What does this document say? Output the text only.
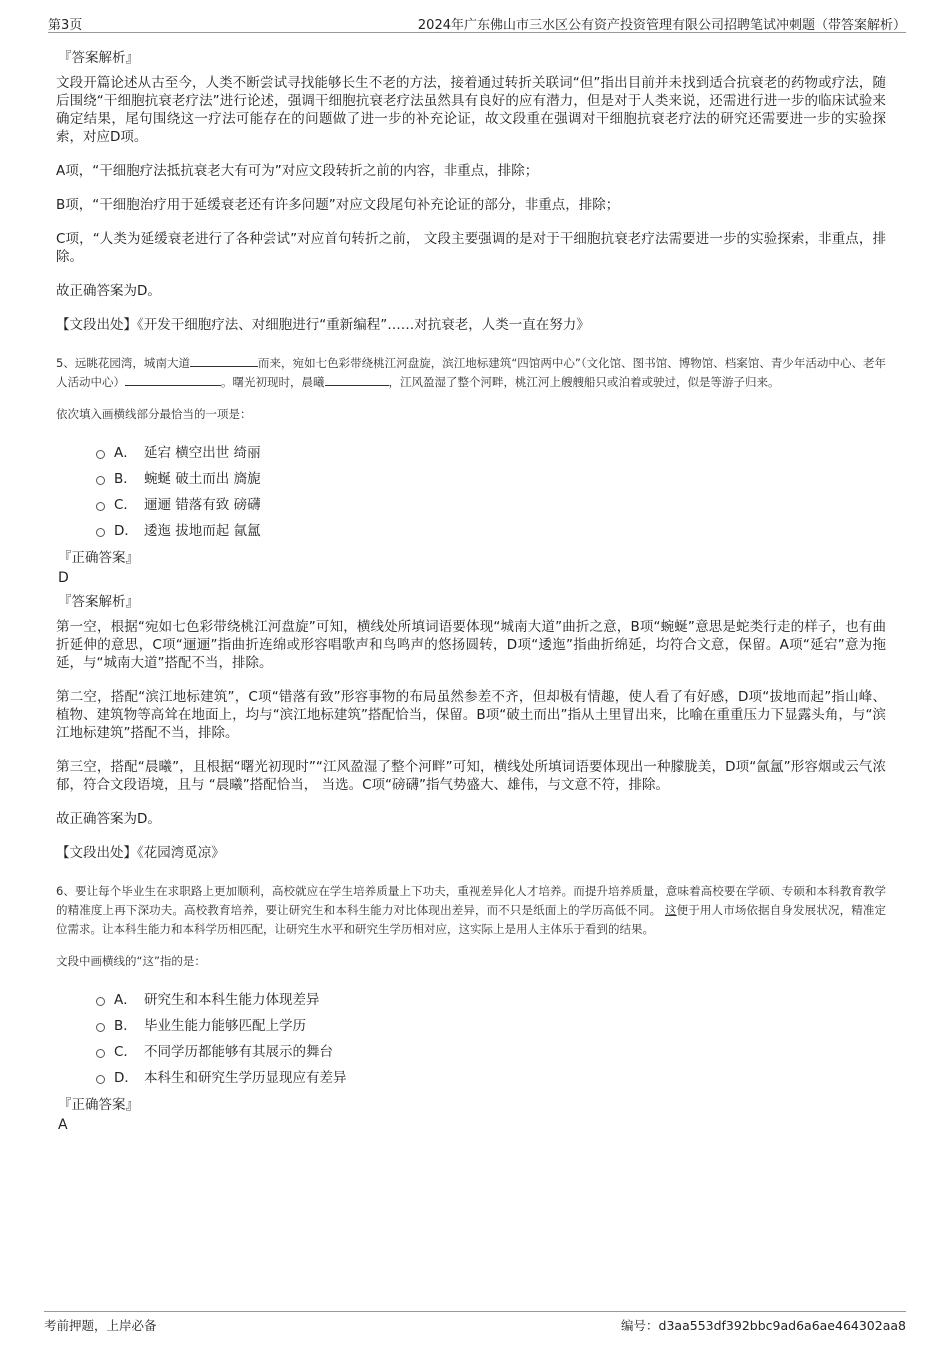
第3页	2024年广东佛山市三水区公有资产投资管理有限公司招聘笔试冲刺题（带答案解析）
『答案解析』

文段开篇论述从古至今，人类不断尝试寻找能够长生不老的方法，接着通过转折关联词“但”指出目前并未找到适合抗衰老的药物或疗法，随后围绕“干细胞抗衰老疗法”进行论述，强调干细胞抗衰老疗法虽然具有良好的应有潜力，但是对于人类来说，还需进行进一步的临床试验来确定结果，尾句围绕这一疗法可能存在的问题做了进一步的补充论证，故文段重在强调对干细胞抗衰老疗法的研究还需要进一步的实验探索，对应D项。

A项，“干细胞疗法抵抗衰老大有可为”对应文段转折之前的内容，非重点，排除；

B项，“干细胞治疗用于延缓衰老还有许多问题”对应文段尾句补充论证的部分，非重点，排除；

C项，“人类为延缓衰老进行了各种尝试”对应首句转折之前， 文段主要强调的是对于干细胞抗衰老疗法需要进一步的实验探索，非重点，排除。

故正确答案为D。

【文段出处】《开发干细胞疗法、对细胞进行“重新编程”……对抗衰老，人类一直在努力》

5、远眺花园湾，城南大道	而来，宛如七色彩带绕桃江河盘旋，滨江地标建筑“四馆两中心”（文化馆、图书馆、博物馆、档案馆、青少年活动中心、老年人活动中心）	。曙光初现时，晨曦	，江风盈湿了整个河畔，桃江河上艘艘船只或泊着或驶过，似是等游子归来。

依次填入画横线部分最恰当的一项是：
A． 延宕 横空出世 绮丽
B． 蜿蜒 破土而出 旖旎
C． 逦逦 错落有致 磅礴
D． 逶迤 拔地而起 氤氲
『正确答案』
D
『答案解析』

第一空，根据“宛如七色彩带绕桃江河盘旋”可知，横线处所填词语要体现“城南大道”曲折之意，B项“蜿蜒”意思是蛇类行走的样子，也有曲折延伸的意思，C项“逦逦”指曲折连绵或形容唱歌声和鸟鸣声的悠扬圆转，D项“逶迤”指曲折绵延，均符合文意，保留。A项“延宕”意为拖延，与“城南大道”搭配不当，排除。

第二空，搭配“滨江地标建筑”，C项“错落有致”形容事物的布局虽然参差不齐，但却极有情趣，使人看了有好感，D项“拔地而起”指山峰、植物、建筑物等高耸在地面上，均与“滨江地标建筑”搭配恰当，保留。B项“破土而出”指从土里冒出来，比喻在重重压力下显露头角，与“滨江地标建筑”搭配不当，排除。

第三空，搭配“晨曦”，且根据“曙光初现时”“江风盈湿了整个河畔”可知，横线处所填词语要体现出一种朦胧美，D项“氤氲”形容烟或云气浓郁，符合文段语境，且与 “晨曦”搭配恰当， 当选。C项“磅礴”指气势盛大、雄伟，与文意不符，排除。

故正确答案为D。

【文段出处】《花园湾觅凉》

6、要让每个毕业生在求职路上更加顺利，高校就应在学生培养质量上下功夫，重视差异化人才培养。而提升培养质量，意味着高校要在学硕、专硕和本科教育教学的精准度上再下深功夫。高校教育培养，要让研究生和本科生能力对比体现出差异，而不只是纸面上的学历高低不同。 这便于用人市场依据自身发展状况，精准定位需求。让本科生能力和本科学历相匹配，让研究生水平和研究生学历相对应，这实际上是用人主体乐于看到的结果。

文段中画横线的“这”指的是：
A． 研究生和本科生能力体现差异
B． 毕业生能力能够匹配上学历
C． 不同学历都能够有其展示的舞台
D． 本科生和研究生学历显现应有差异
『正确答案』
A
考前押题，上岸必备	编号：d3aa553df392bbc9ad6a6ae464302aa8
